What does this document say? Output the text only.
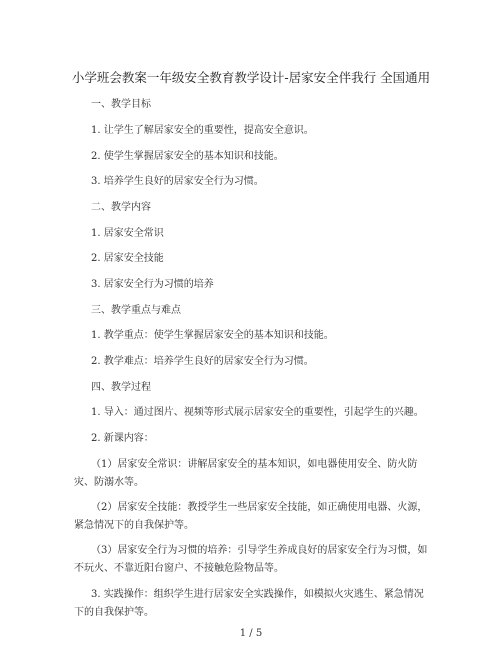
小学班会教案一年级安全教育教学设计-居家安全伴我行 全国通用
一、教学目标
1. 让学生了解居家安全的重要性，提高安全意识。
2. 使学生掌握居家安全的基本知识和技能。
3. 培养学生良好的居家安全行为习惯。
二、教学内容
1. 居家安全常识
2. 居家安全技能
3. 居家安全行为习惯的培养
三、教学重点与难点
1. 教学重点：使学生掌握居家安全的基本知识和技能。
2. 教学难点：培养学生良好的居家安全行为习惯。
四、教学过程
1. 导入：通过图片、视频等形式展示居家安全的重要性，引起学生的兴趣。
2. 新课内容：
（1）居家安全常识：讲解居家安全的基本知识，如电器使用安全、防火防
灾、防溺水等。
（2）居家安全技能：教授学生一些居家安全技能，如正确使用电器、火源，
紧急情况下的自我保护等。
（3）居家安全行为习惯的培养：引导学生养成良好的居家安全行为习惯，如
不玩火、不靠近阳台窗户、不接触危险物品等。
3. 实践操作：组织学生进行居家安全实践操作，如模拟火灾逃生、紧急情况
下的自我保护等。
1 / 5
